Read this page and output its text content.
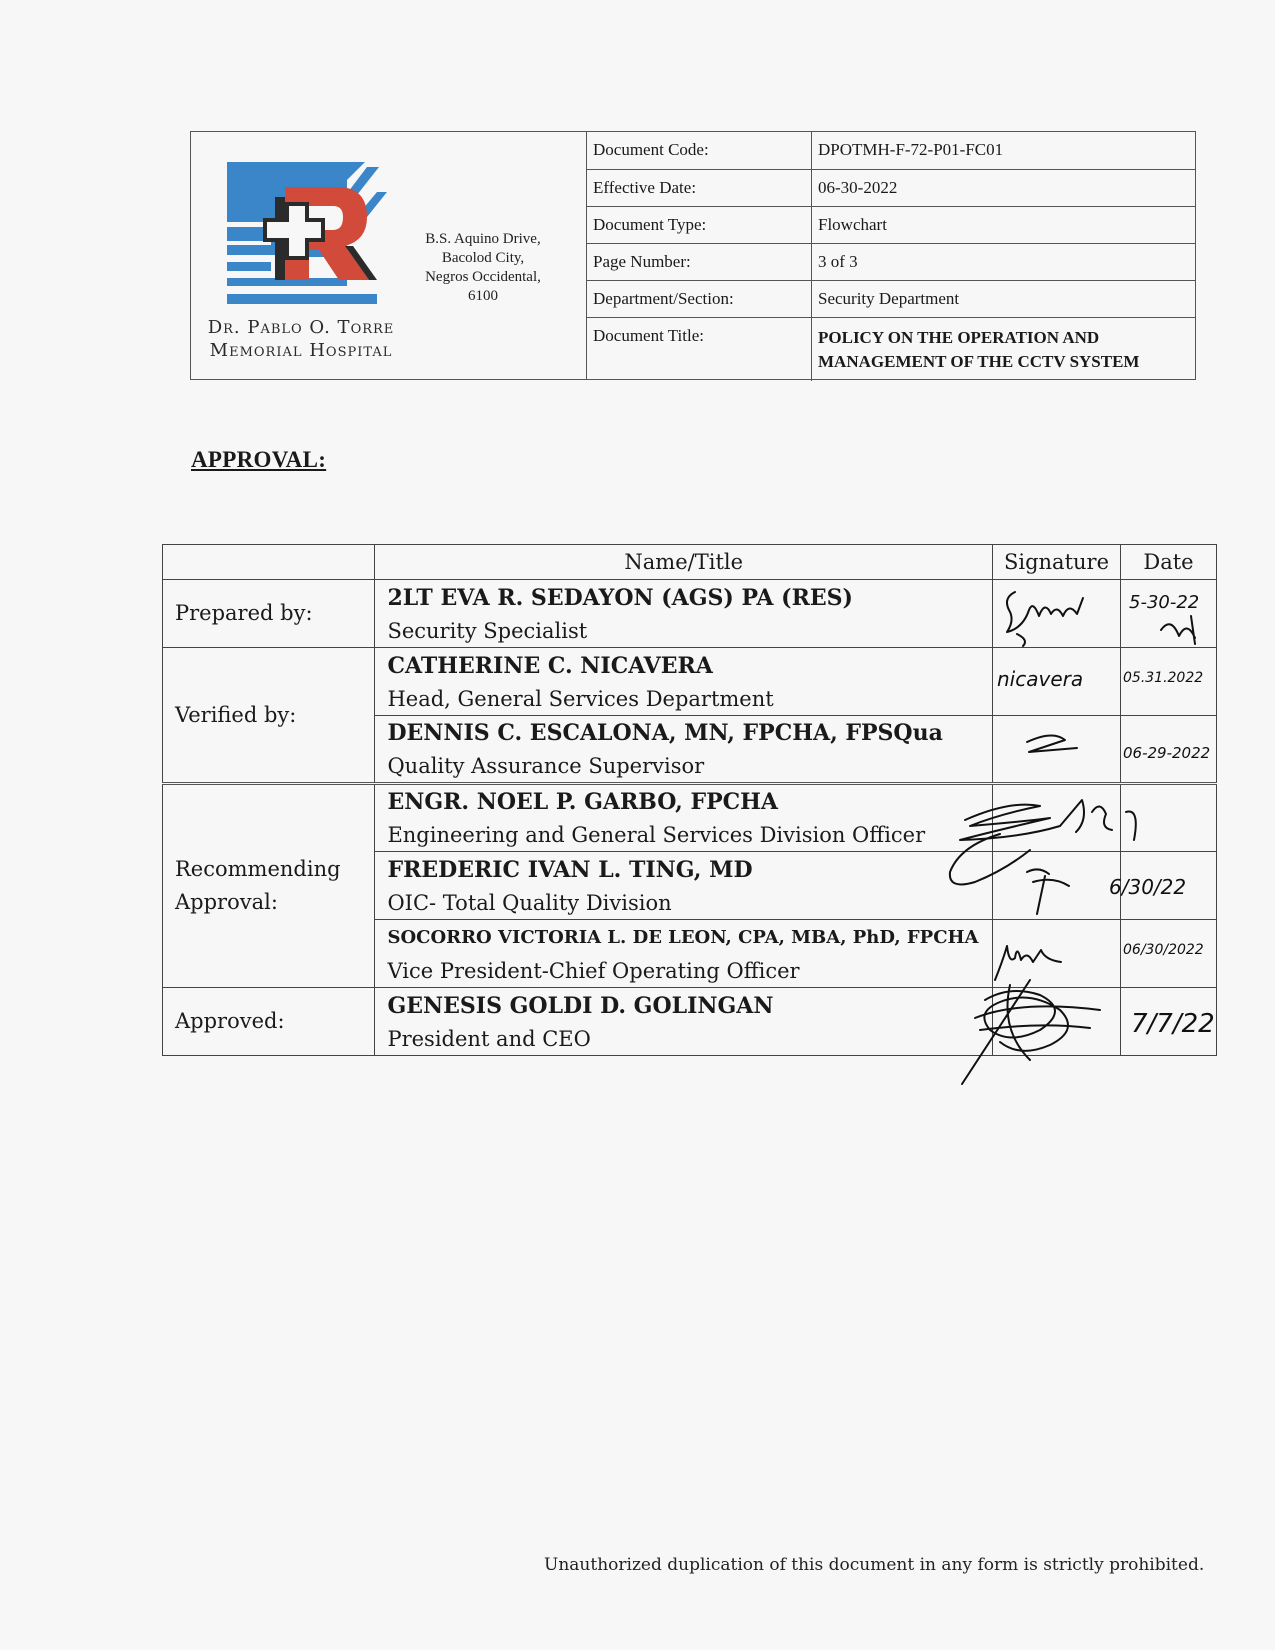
Dr. Pablo O. Torre
Memorial Hospital
B.S. Aquino Drive,
Bacolod City,
Negros Occidental,
6100
Document Code:	DPOTMH-F-72-P01-FC01
Effective Date:	06-30-2022
Document Type:	Flowchart
Page Number:	3 of 3
Department/Section:	Security Department
Document Title:	POLICY ON THE OPERATION AND
MANAGEMENT OF THE CCTV SYSTEM
APPROVAL:
	Name/Title	Signature	Date
Prepared by:	2LT EVA R. SEDAYON (AGS) PA (RES)
Security Specialist		5-30-22

Verified by:	CATHERINE C. NICAVERA
Head, General Services Department	nicavera	05.31.2022

	DENNIS C. ESCALONA, MN, FPCHA, FPSQua
Quality Assurance Supervisor		06-29-2022

Recommending
Approval:	ENGR. NOEL P. GARBO, FPCHA
Engineering and General Services Division Officer		

	FREDERIC IVAN L. TING, MD
OIC- Total Quality Division		6/30/22

	SOCORRO VICTORIA L. DE LEON, CPA, MBA, PhD, FPCHA
Vice President-Chief Operating Officer		06/30/2022

Approved:	GENESIS GOLDI D. GOLINGAN
President and CEO		7/7/22
Unauthorized duplication of this document in any form is strictly prohibited.
